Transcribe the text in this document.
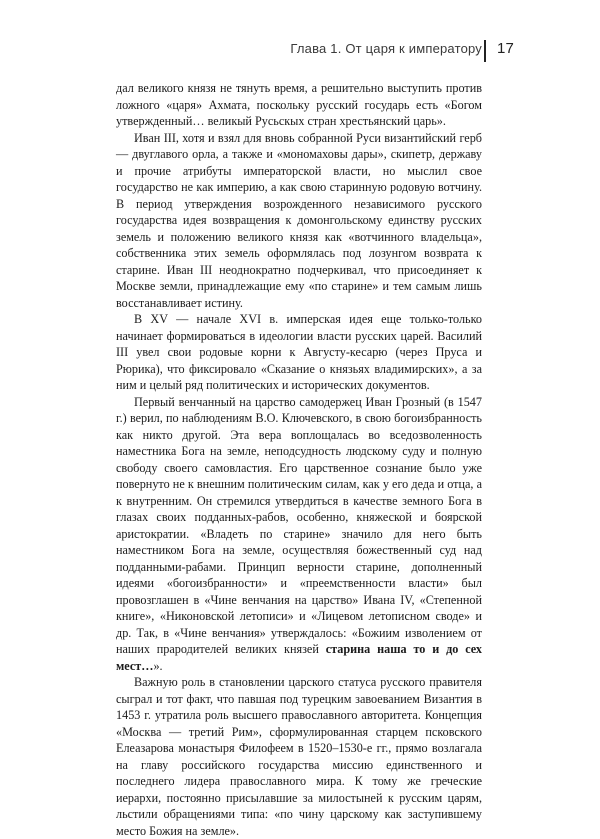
Глава 1. От царя к императору 17

дал великого князя не тянуть время, а решительно выступить против ложного «царя» Ахмата, поскольку русский государь есть «Богом утвержденный… великый Русьскых стран хрестьянский царь».

Иван III, хотя и взял для вновь собранной Руси византийский герб — двуглавого орла, а также и «мономаховы дары», скипетр, державу и прочие атрибуты императорской власти, но мыслил свое государство не как империю, а как свою старинную родовую вотчину. В период утверждения возрожденного независимого русского государства идея возвращения к домонгольскому единству русских земель и положению великого князя как «вотчинного владельца», собственника этих земель оформлялась под лозунгом возврата к старине. Иван III неоднократно подчеркивал, что присоединяет к Москве земли, принадлежащие ему «по старине» и тем самым лишь восстанавливает истину.

В XV — начале XVI в. имперская идея еще только-только начинает формироваться в идеологии власти русских царей. Василий III увел свои родовые корни к Августу-кесарю (через Пруса и Рюрика), что фиксировало «Сказание о князьях владимирских», а за ним и целый ряд политических и исторических документов.

Первый венчанный на царство самодержец Иван Грозный (в 1547 г.) верил, по наблюдениям В.О. Ключевского, в свою богоизбранность как никто другой. Эта вера воплощалась во вседозволенность наместника Бога на земле, неподсудность людскому суду и полную свободу своего самовластия. Его царственное сознание было уже повернуто не к внешним политическим силам, как у его деда и отца, а к внутренним. Он стремился утвердиться в качестве земного Бога в глазах своих подданных-рабов, особенно, княжеской и боярской аристократии. «Владеть по старине» значило для него быть наместником Бога на земле, осуществляя божественный суд над подданными-рабами. Принцип верности старине, дополненный идеями «богоизбранности» и «преемственности власти» был провозглашен в «Чине венчания на царство» Ивана IV, «Степенной книге», «Никоновской летописи» и «Лицевом летописном своде» и др. Так, в «Чине венчания» утверждалось: «Божиим изволением от наших прародителей великих князей старина наша то и до сех мест…».

Важную роль в становлении царского статуса русского правителя сыграл и тот факт, что павшая под турецким завоеванием Византия в 1453 г. утратила роль высшего православного авторитета. Концепция «Москва — третий Рим», сформулированная старцем псковского Елеазарова монастыря Филофеем в 1520–1530-е гг., прямо возлагала на главу российского государства миссию единственного и последнего лидера православного мира. К тому же греческие иерархи, постоянно присылавшие за милостыней к русским царям, льстили обращениями типа: «по чину царскому как заступившему место Божия на земле».
